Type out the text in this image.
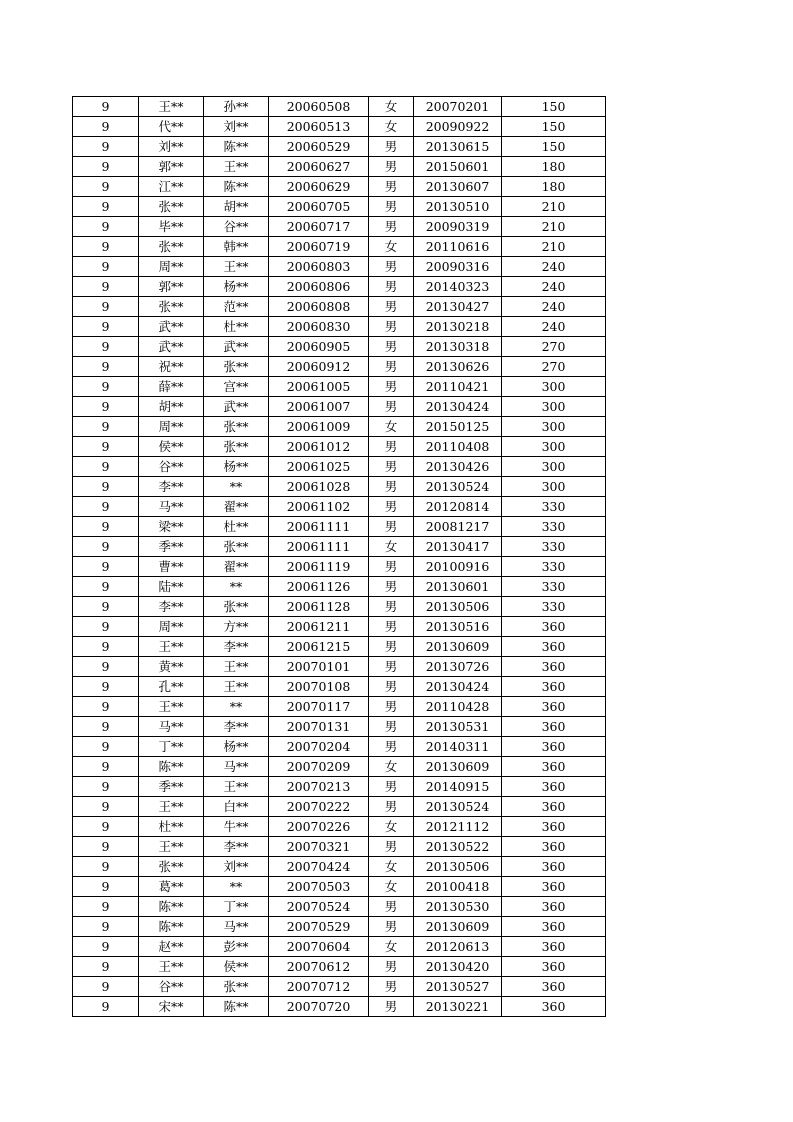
9	王**	孙**	20060508	女	20070201	150
9	代**	刘**	20060513	女	20090922	150
9	刘**	陈**	20060529	男	20130615	150
9	郭**	王**	20060627	男	20150601	180
9	江**	陈**	20060629	男	20130607	180
9	张**	胡**	20060705	男	20130510	210
9	毕**	谷**	20060717	男	20090319	210
9	张**	韩**	20060719	女	20110616	210
9	周**	王**	20060803	男	20090316	240
9	郭**	杨**	20060806	男	20140323	240
9	张**	范**	20060808	男	20130427	240
9	武**	杜**	20060830	男	20130218	240
9	武**	武**	20060905	男	20130318	270
9	祝**	张**	20060912	男	20130626	270
9	薛**	宫**	20061005	男	20110421	300
9	胡**	武**	20061007	男	20130424	300
9	周**	张**	20061009	女	20150125	300
9	侯**	张**	20061012	男	20110408	300
9	谷**	杨**	20061025	男	20130426	300
9	李**	**	20061028	男	20130524	300
9	马**	翟**	20061102	男	20120814	330
9	梁**	杜**	20061111	男	20081217	330
9	季**	张**	20061111	女	20130417	330
9	曹**	翟**	20061119	男	20100916	330
9	陆**	**	20061126	男	20130601	330
9	李**	张**	20061128	男	20130506	330
9	周**	方**	20061211	男	20130516	360
9	王**	李**	20061215	男	20130609	360
9	黄**	王**	20070101	男	20130726	360
9	孔**	王**	20070108	男	20130424	360
9	王**	**	20070117	男	20110428	360
9	马**	李**	20070131	男	20130531	360
9	丁**	杨**	20070204	男	20140311	360
9	陈**	马**	20070209	女	20130609	360
9	季**	王**	20070213	男	20140915	360
9	王**	白**	20070222	男	20130524	360
9	杜**	牛**	20070226	女	20121112	360
9	王**	李**	20070321	男	20130522	360
9	张**	刘**	20070424	女	20130506	360
9	葛**	**	20070503	女	20100418	360
9	陈**	丁**	20070524	男	20130530	360
9	陈**	马**	20070529	男	20130609	360
9	赵**	彭**	20070604	女	20120613	360
9	王**	侯**	20070612	男	20130420	360
9	谷**	张**	20070712	男	20130527	360
9	宋**	陈**	20070720	男	20130221	360
